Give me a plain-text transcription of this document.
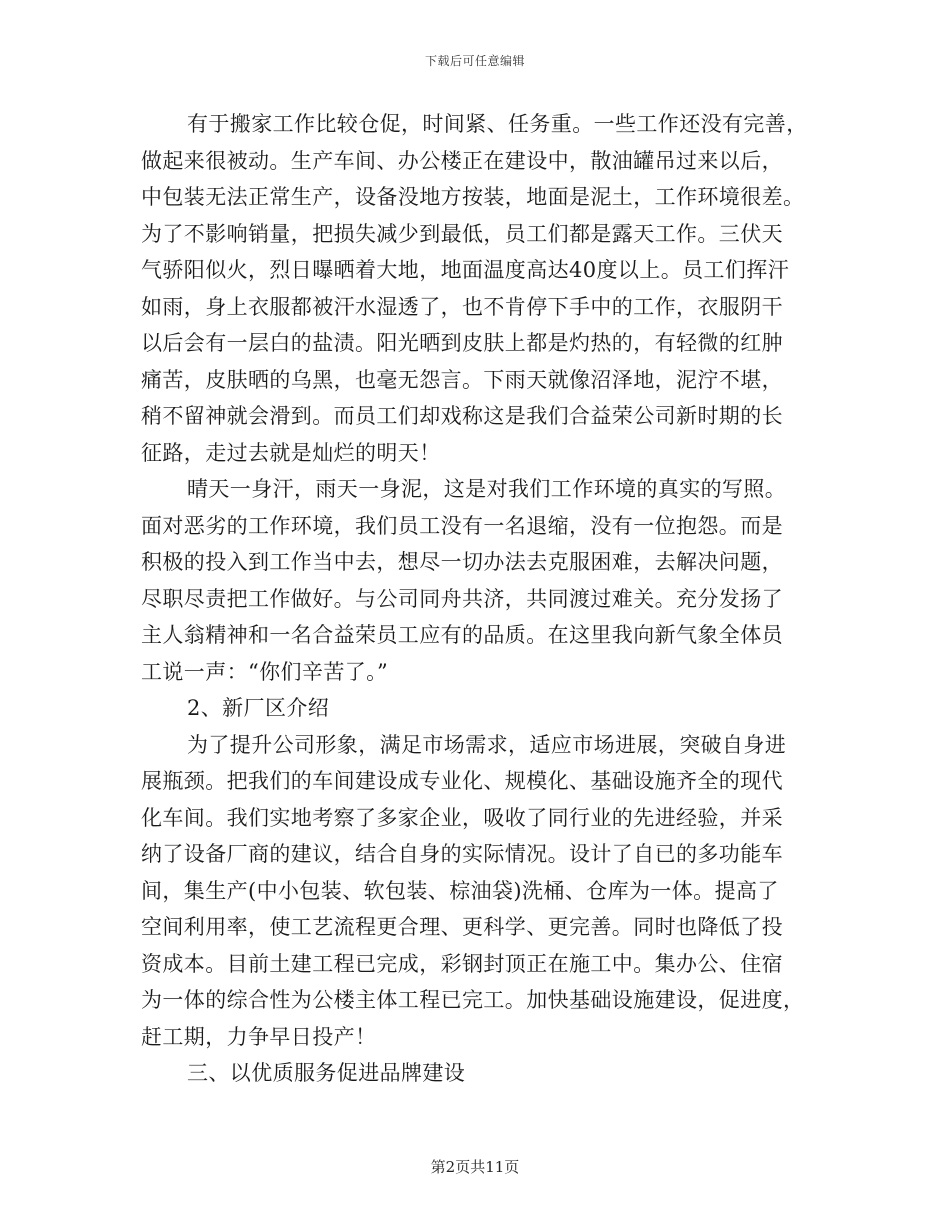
下载后可任意编辑
有于搬家工作比较仓促，时间紧、任务重。一些工作还没有完善，
做起来很被动。生产车间、办公楼正在建设中，散油罐吊过来以后，
中包装无法正常生产，设备没地方按装，地面是泥土，工作环境很差。
为了不影响销量，把损失减少到最低，员工们都是露天工作。三伏天
气骄阳似火，烈日曝晒着大地，地面温度高达40度以上。员工们挥汗
如雨，身上衣服都被汗水湿透了，也不肯停下手中的工作，衣服阴干
以后会有一层白的盐渍。阳光晒到皮肤上都是灼热的，有轻微的红肿
痛苦，皮肤晒的乌黑，也毫无怨言。下雨天就像沼泽地，泥泞不堪，
稍不留神就会滑到。而员工们却戏称这是我们合益荣公司新时期的长
征路，走过去就是灿烂的明天！
晴天一身汗，雨天一身泥，这是对我们工作环境的真实的写照。
面对恶劣的工作环境，我们员工没有一名退缩，没有一位抱怨。而是
积极的投入到工作当中去，想尽一切办法去克服困难，去解决问题，
尽职尽责把工作做好。与公司同舟共济，共同渡过难关。充分发扬了
主人翁精神和一名合益荣员工应有的品质。在这里我向新气象全体员
工说一声：“你们辛苦了。”
2、新厂区介绍
为了提升公司形象，满足市场需求，适应市场进展，突破自身进
展瓶颈。把我们的车间建设成专业化、规模化、基础设施齐全的现代
化车间。我们实地考察了多家企业，吸收了同行业的先进经验，并采
纳了设备厂商的建议，结合自身的实际情况。设计了自已的多功能车
间，集生产(中小包装、软包装、棕油袋)洗桶、仓库为一体。提高了
空间利用率，使工艺流程更合理、更科学、更完善。同时也降低了投
资成本。目前土建工程已完成，彩钢封顶正在施工中。集办公、住宿
为一体的综合性为公楼主体工程已完工。加快基础设施建设，促进度，
赶工期，力争早日投产！
三、以优质服务促进品牌建设
第2页共11页
